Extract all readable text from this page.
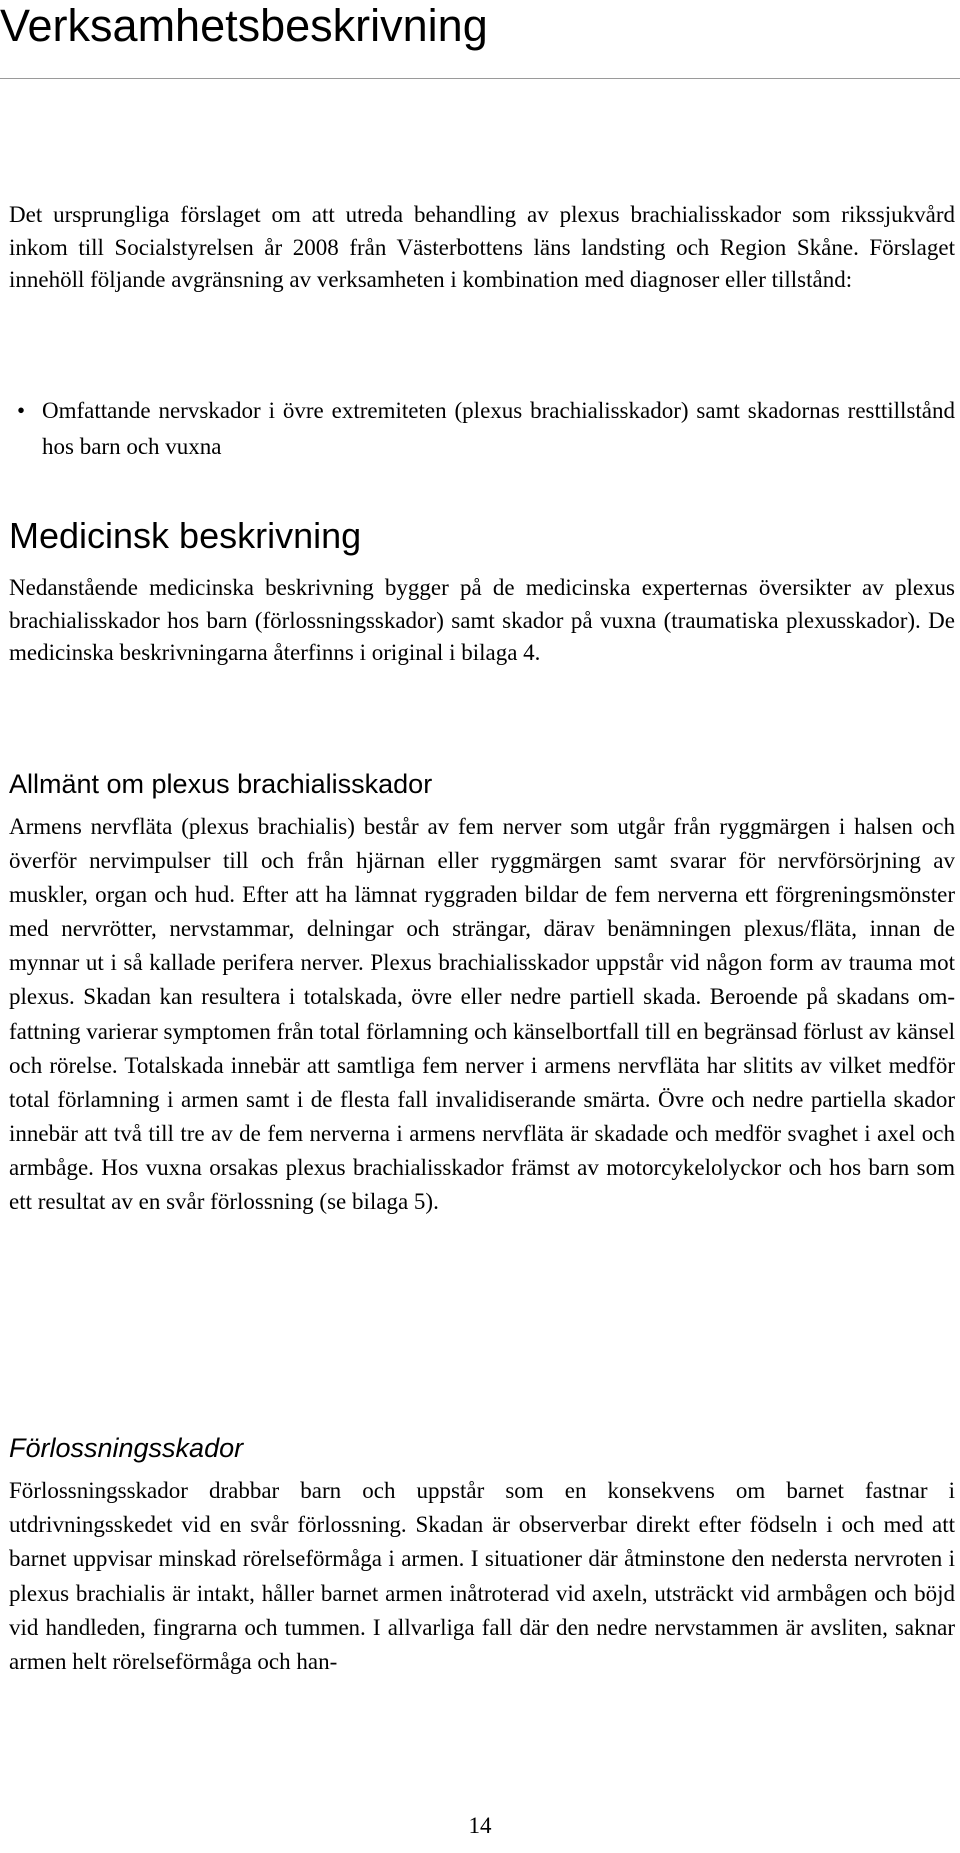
Verksamhetsbeskrivning

Det ursprungliga förslaget om att utreda behandling av plexus brachialisskador som rikssjukvård inkom till Socialstyrelsen år 2008 från Västerbottens läns landsting och Region Skåne. Förslaget innehöll följande avgränsning av verksamheten i kombination med diagnoser eller tillstånd:

• Omfattande nervskador i övre extremiteten (plexus brachialisskador) samt skadornas resttillstånd hos barn och vuxna
Medicinsk beskrivning

Nedanstående medicinska beskrivning bygger på de medicinska experternas översikter av plexus brachialisskador hos barn (förlossningsskador) samt skador på vuxna (traumatiska plexusskador). De medicinska beskrivningarna återfinns i original i bilaga 4.

Allmänt om plexus brachialisskador

Armens nervfläta (plexus brachialis) består av fem nerver som utgår från ryggmärgen i halsen och överför nervimpulser till och från hjärnan eller ryggmärgen samt svarar för nervförsörjning av muskler, organ och hud. Efter att ha lämnat ryggraden bildar de fem nerverna ett förgreningsmönster med nervrötter, nervstammar, delningar och strängar, därav benämningen plexus/fläta, innan de mynnar ut i så kallade perifera nerver. Plexus brachialisskador uppstår vid någon form av trauma mot plexus. Skadan kan resultera i totalskada, övre eller nedre partiell skada. Beroende på skadans omfattning varierar symptomen från total förlamning och känselbortfall till en begränsad förlust av känsel och rörelse. Totalskada innebär att samtliga fem nerver i armens nervfläta har slitits av vilket medför total förlamning i armen samt i de flesta fall invalidiserande smärta. Övre och nedre partiella skador innebär att två till tre av de fem nerverna i armens nervfläta är skadade och medför svaghet i axel och armbåge. Hos vuxna orsakas plexus brachialisskador främst av motorcykelolyckor och hos barn som ett resultat av en svår förlossning (se bilaga 5).

Förlossningsskador

Förlossningsskador drabbar barn och uppstår som en konsekvens om barnet fastnar i utdrivningsskedet vid en svår förlossning. Skadan är observerbar direkt efter födseln i och med att barnet uppvisar minskad rörelseförmåga i armen. I situationer där åtminstone den nedersta nervroten i plexus brachialis är intakt, håller barnet armen inåtroterad vid axeln, utsträckt vid armbågen och böjd vid handleden, fingrarna och tummen. I allvarliga fall där den nedre nervstammen är avsliten, saknar armen helt rörelseförmåga och han-

14
